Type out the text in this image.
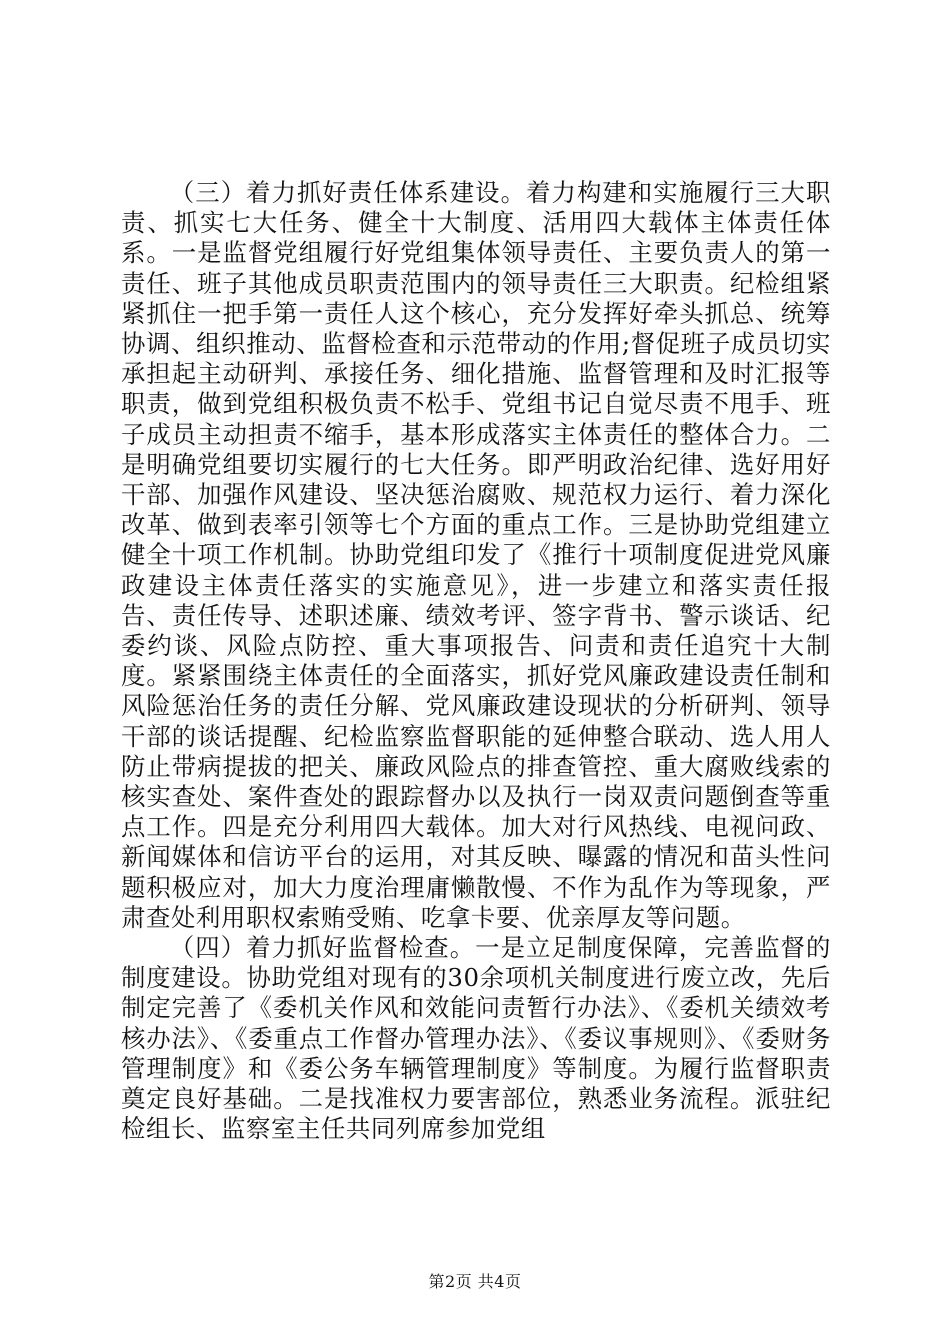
（三）着力抓好责任体系建设。着力构建和实施履行三大职责、抓实七大任务、健全十大制度、活用四大载体主体责任体系。一是监督党组履行好党组集体领导责任、主要负责人的第一责任、班子其他成员职责范围内的领导责任三大职责。纪检组紧紧抓住一把手第一责任人这个核心，充分发挥好牵头抓总、统筹协调、组织推动、监督检查和示范带动的作用;督促班子成员切实承担起主动研判、承接任务、细化措施、监督管理和及时汇报等职责，做到党组积极负责不松手、党组书记自觉尽责不甩手、班子成员主动担责不缩手，基本形成落实主体责任的整体合力。二是明确党组要切实履行的七大任务。即严明政治纪律、选好用好干部、加强作风建设、坚决惩治腐败、规范权力运行、着力深化改革、做到表率引领等七个方面的重点工作。三是协助党组建立健全十项工作机制。协助党组印发了《推行十项制度促进党风廉政建设主体责任落实的实施意见》，进一步建立和落实责任报告、责任传导、述职述廉、绩效考评、签字背书、警示谈话、纪委约谈、风险点防控、重大事项报告、问责和责任追究十大制度。紧紧围绕主体责任的全面落实，抓好党风廉政建设责任制和风险惩治任务的责任分解、党风廉政建设现状的分析研判、领导干部的谈话提醒、纪检监察监督职能的延伸整合联动、选人用人防止带病提拔的把关、廉政风险点的排查管控、重大腐败线索的核实查处、案件查处的跟踪督办以及执行一岗双责问题倒查等重点工作。四是充分利用四大载体。加大对行风热线、电视问政、新闻媒体和信访平台的运用，对其反映、曝露的情况和苗头性问题积极应对，加大力度治理庸懒散慢、不作为乱作为等现象，严肃查处利用职权索贿受贿、吃拿卡要、优亲厚友等问题。

（四）着力抓好监督检查。一是立足制度保障，完善监督的制度建设。协助党组对现有的30余项机关制度进行废立改，先后制定完善了《委机关作风和效能问责暂行办法》、《委机关绩效考核办法》、《委重点工作督办管理办法》、《委议事规则》、《委财务管理制度》和《委公务车辆管理制度》等制度。为履行监督职责奠定良好基础。二是找准权力要害部位，熟悉业务流程。派驻纪检组长、监察室主任共同列席参加党组

第2页 共4页
